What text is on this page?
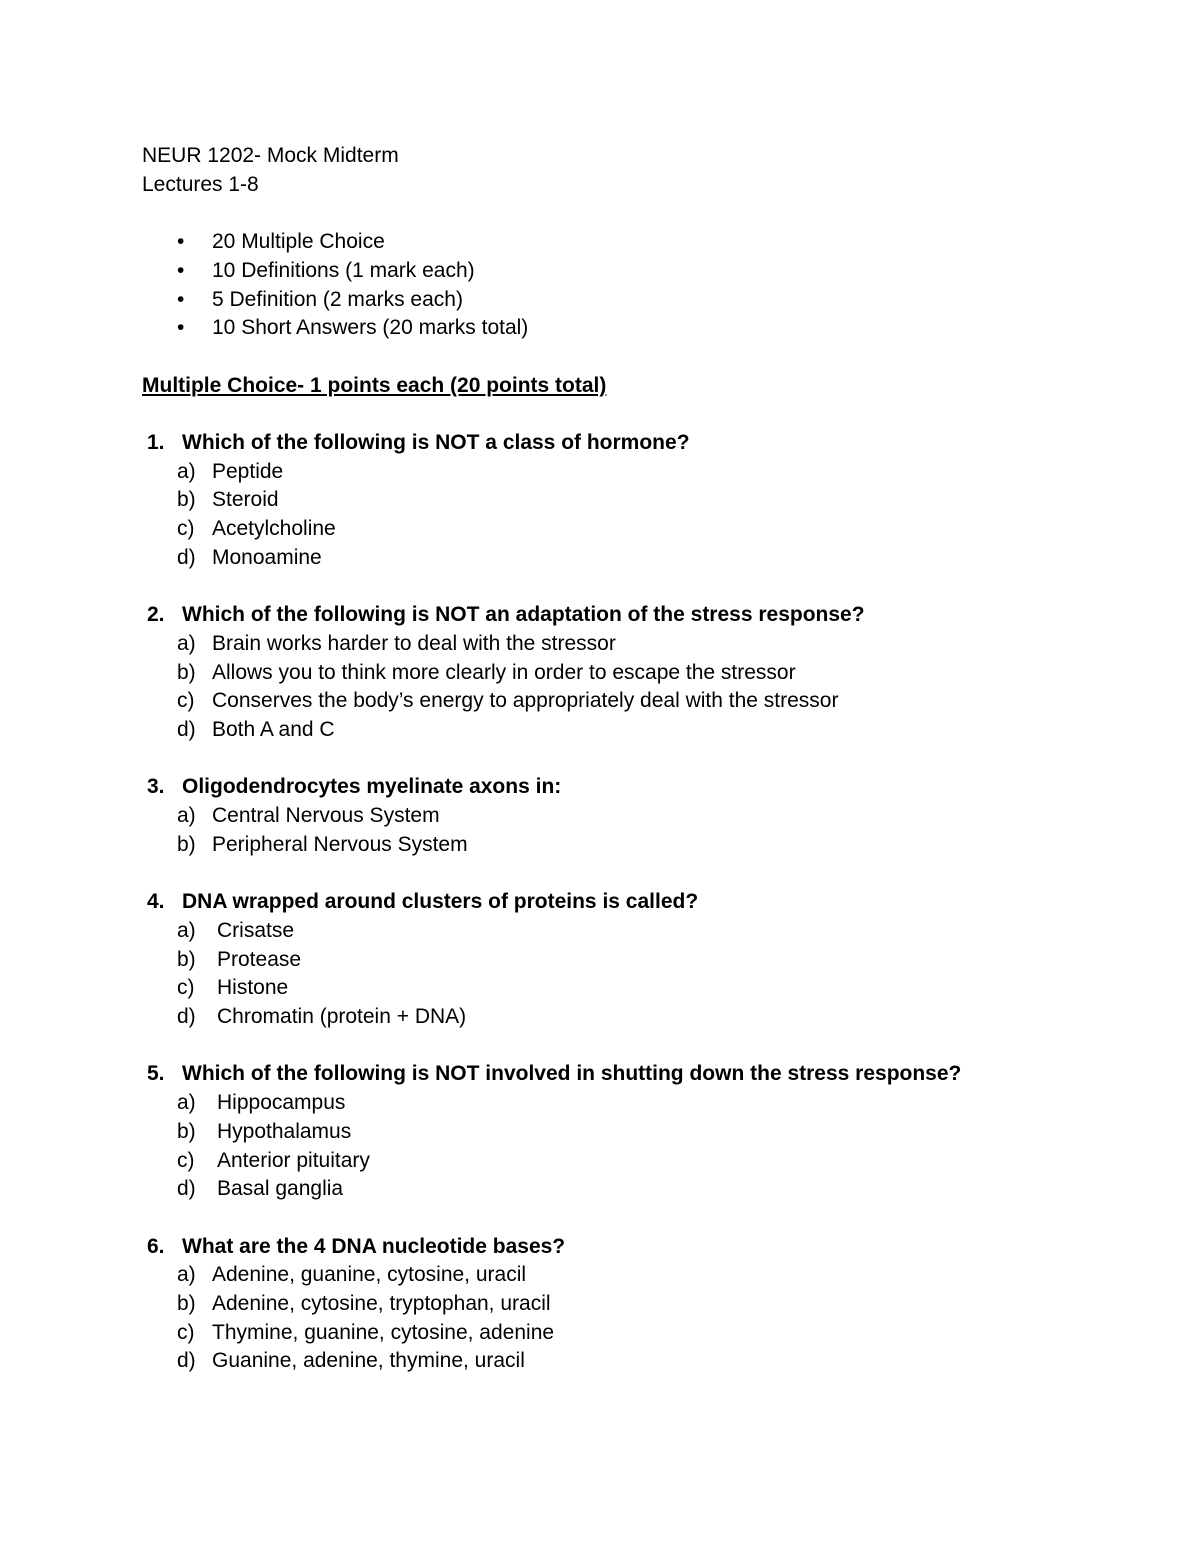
NEUR 1202- Mock Midterm

Lectures 1-8

• 20 Multiple Choice
• 10 Definitions (1 mark each)
• 5 Definition (2 marks each)
• 10 Short Answers (20 marks total)

Multiple Choice- 1 points each (20 points total)

1. Which of the following is NOT a class of hormone?

a) Peptide
b) Steroid
c) Acetylcholine
d) Monoamine

2. Which of the following is NOT an adaptation of the stress response?

a) Brain works harder to deal with the stressor
b) Allows you to think more clearly in order to escape the stressor
c) Conserves the body’s energy to appropriately deal with the stressor
d) Both A and C

3. Oligodendrocytes myelinate axons in:

a) Central Nervous System
b) Peripheral Nervous System

4. DNA wrapped around clusters of proteins is called?

a) Crisatse
b) Protease
c) Histone
d) Chromatin (protein + DNA)

5. Which of the following is NOT involved in shutting down the stress response?

a) Hippocampus
b) Hypothalamus
c) Anterior pituitary
d) Basal ganglia

6. What are the 4 DNA nucleotide bases?

a) Adenine, guanine, cytosine, uracil
b) Adenine, cytosine, tryptophan, uracil
c) Thymine, guanine, cytosine, adenine
d) Guanine, adenine, thymine, uracil
